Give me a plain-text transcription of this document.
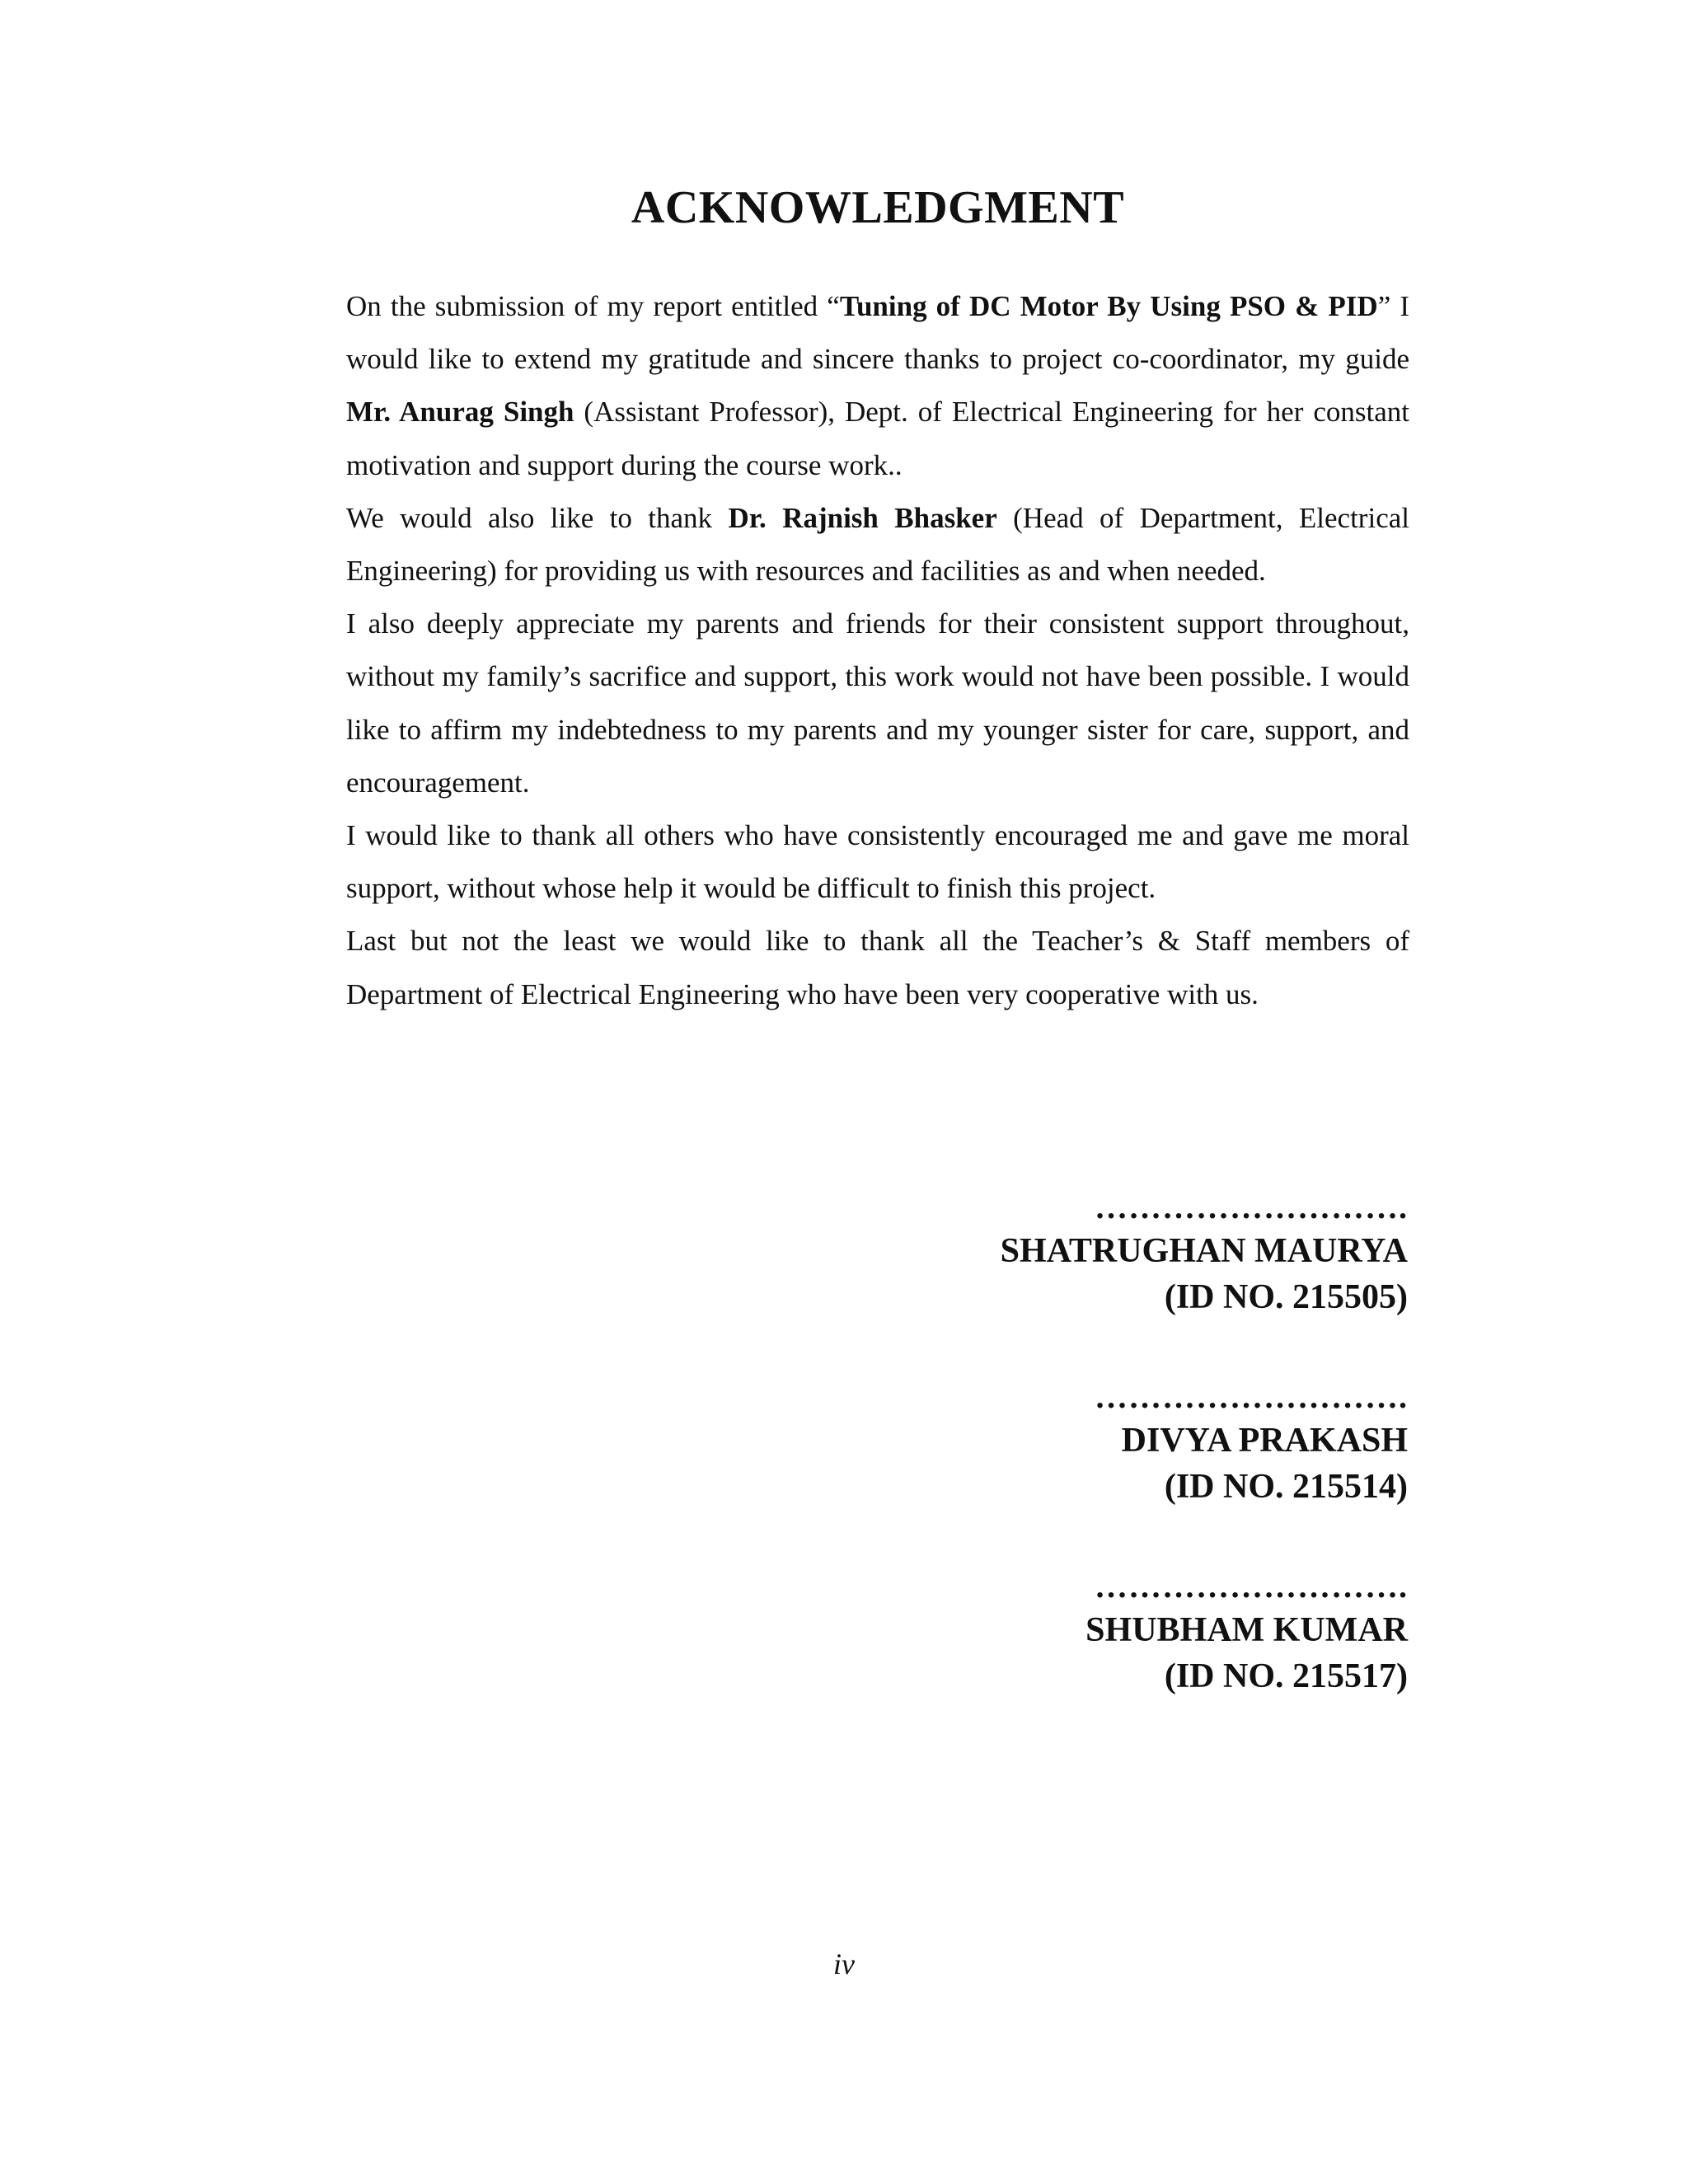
ACKNOWLEDGMENT

On the submission of my report entitled “Tuning of DC Motor By Using PSO & PID” I would like to extend my gratitude and sincere thanks to project co-coordinator, my guide Mr. Anurag Singh (Assistant Professor), Dept. of Electrical Engineering for her constant motivation and support during the course work..

We would also like to thank Dr. Rajnish Bhasker (Head of Department, Electrical Engineering) for providing us with resources and facilities as and when needed.

I also deeply appreciate my parents and friends for their consistent support throughout, without my family’s sacrifice and support, this work would not have been possible. I would like to affirm my indebtedness to my parents and my younger sister for care, support, and encouragement.

I would like to thank all others who have consistently encouraged me and gave me moral support, without whose help it would be difficult to finish this project.

Last but not the least we would like to thank all the Teacher’s & Staff members of Department of Electrical Engineering who have been very cooperative with us.

……………………….
SHATRUGHAN MAURYA
(ID NO. 215505)
……………………….
DIVYA PRAKASH
(ID NO. 215514)
……………………….
SHUBHAM KUMAR
(ID NO. 215517)
iv
